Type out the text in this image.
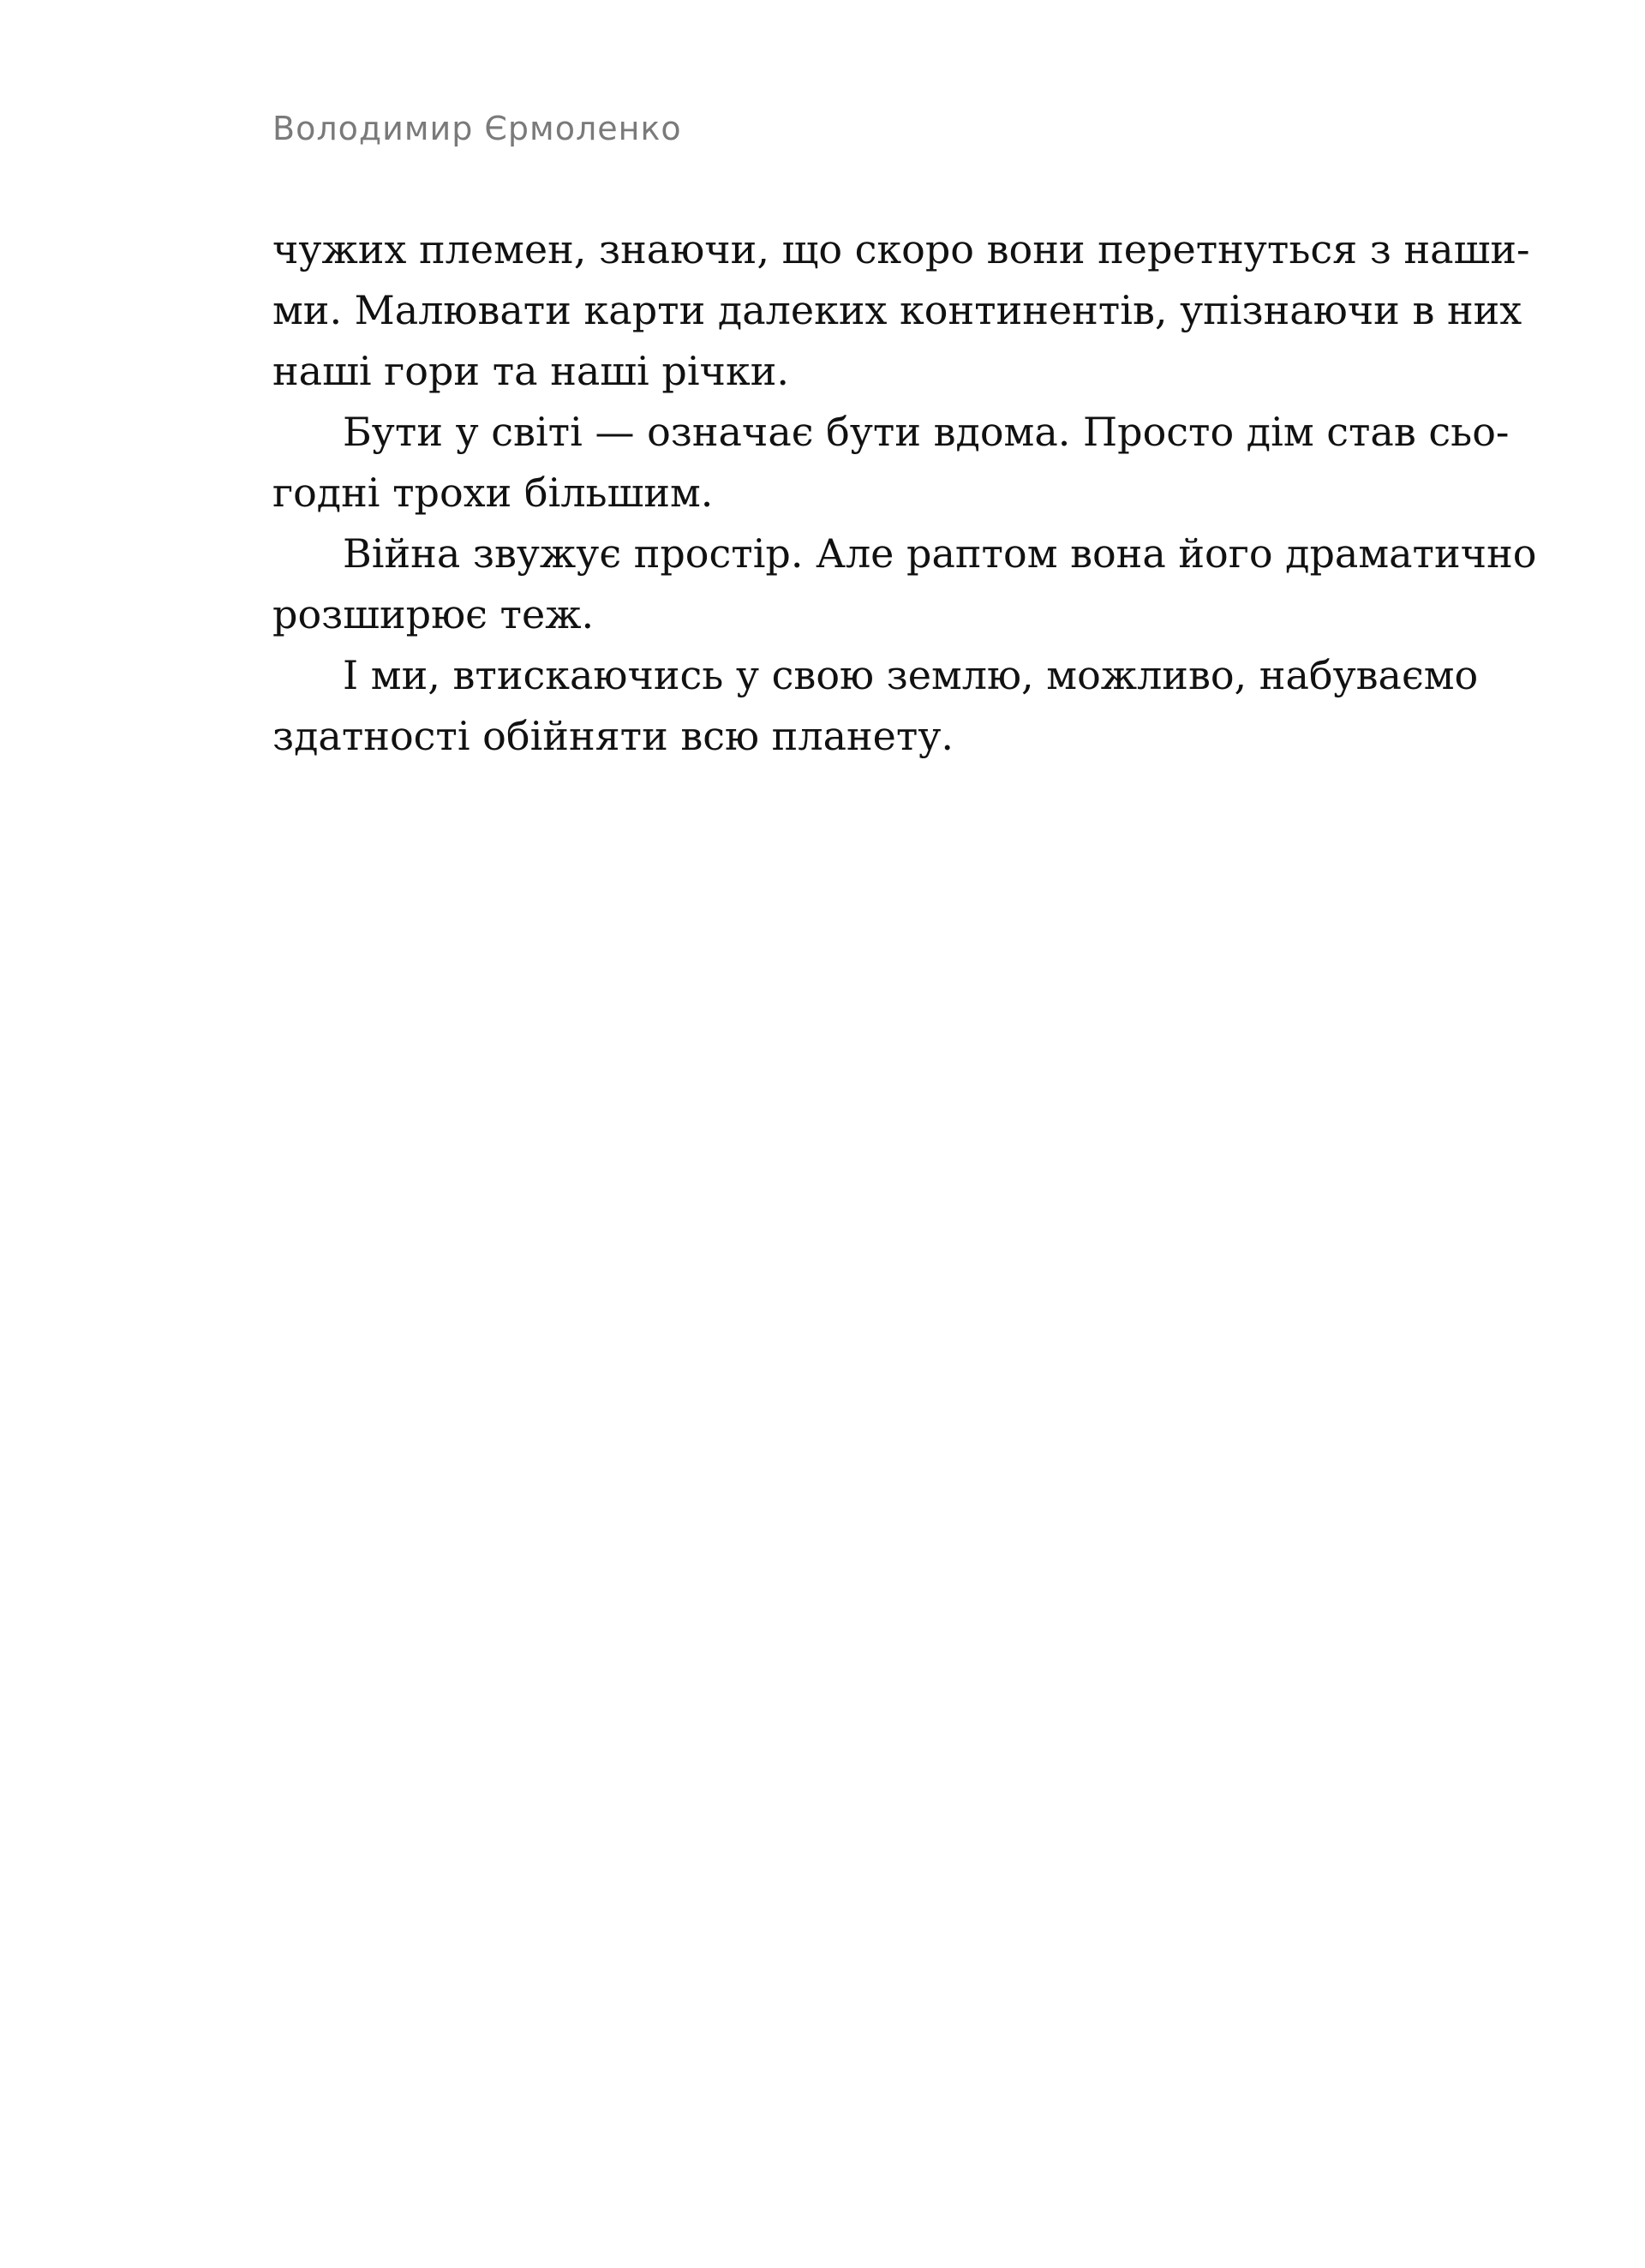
Володимир Єрмоленко
чужих племен, знаючи, що скоро вони перетнуться з наши-
ми. Малювати карти далеких континентів, упізнаючи в них
наші гори та наші річки.
Бути у світі — означає бути вдома. Просто дім став сьо-
годні трохи більшим.
Війна звужує простір. Але раптом вона його драматично
розширює теж.
І ми, втискаючись у свою землю, можливо, набуваємо
здатності обійняти всю планету.
